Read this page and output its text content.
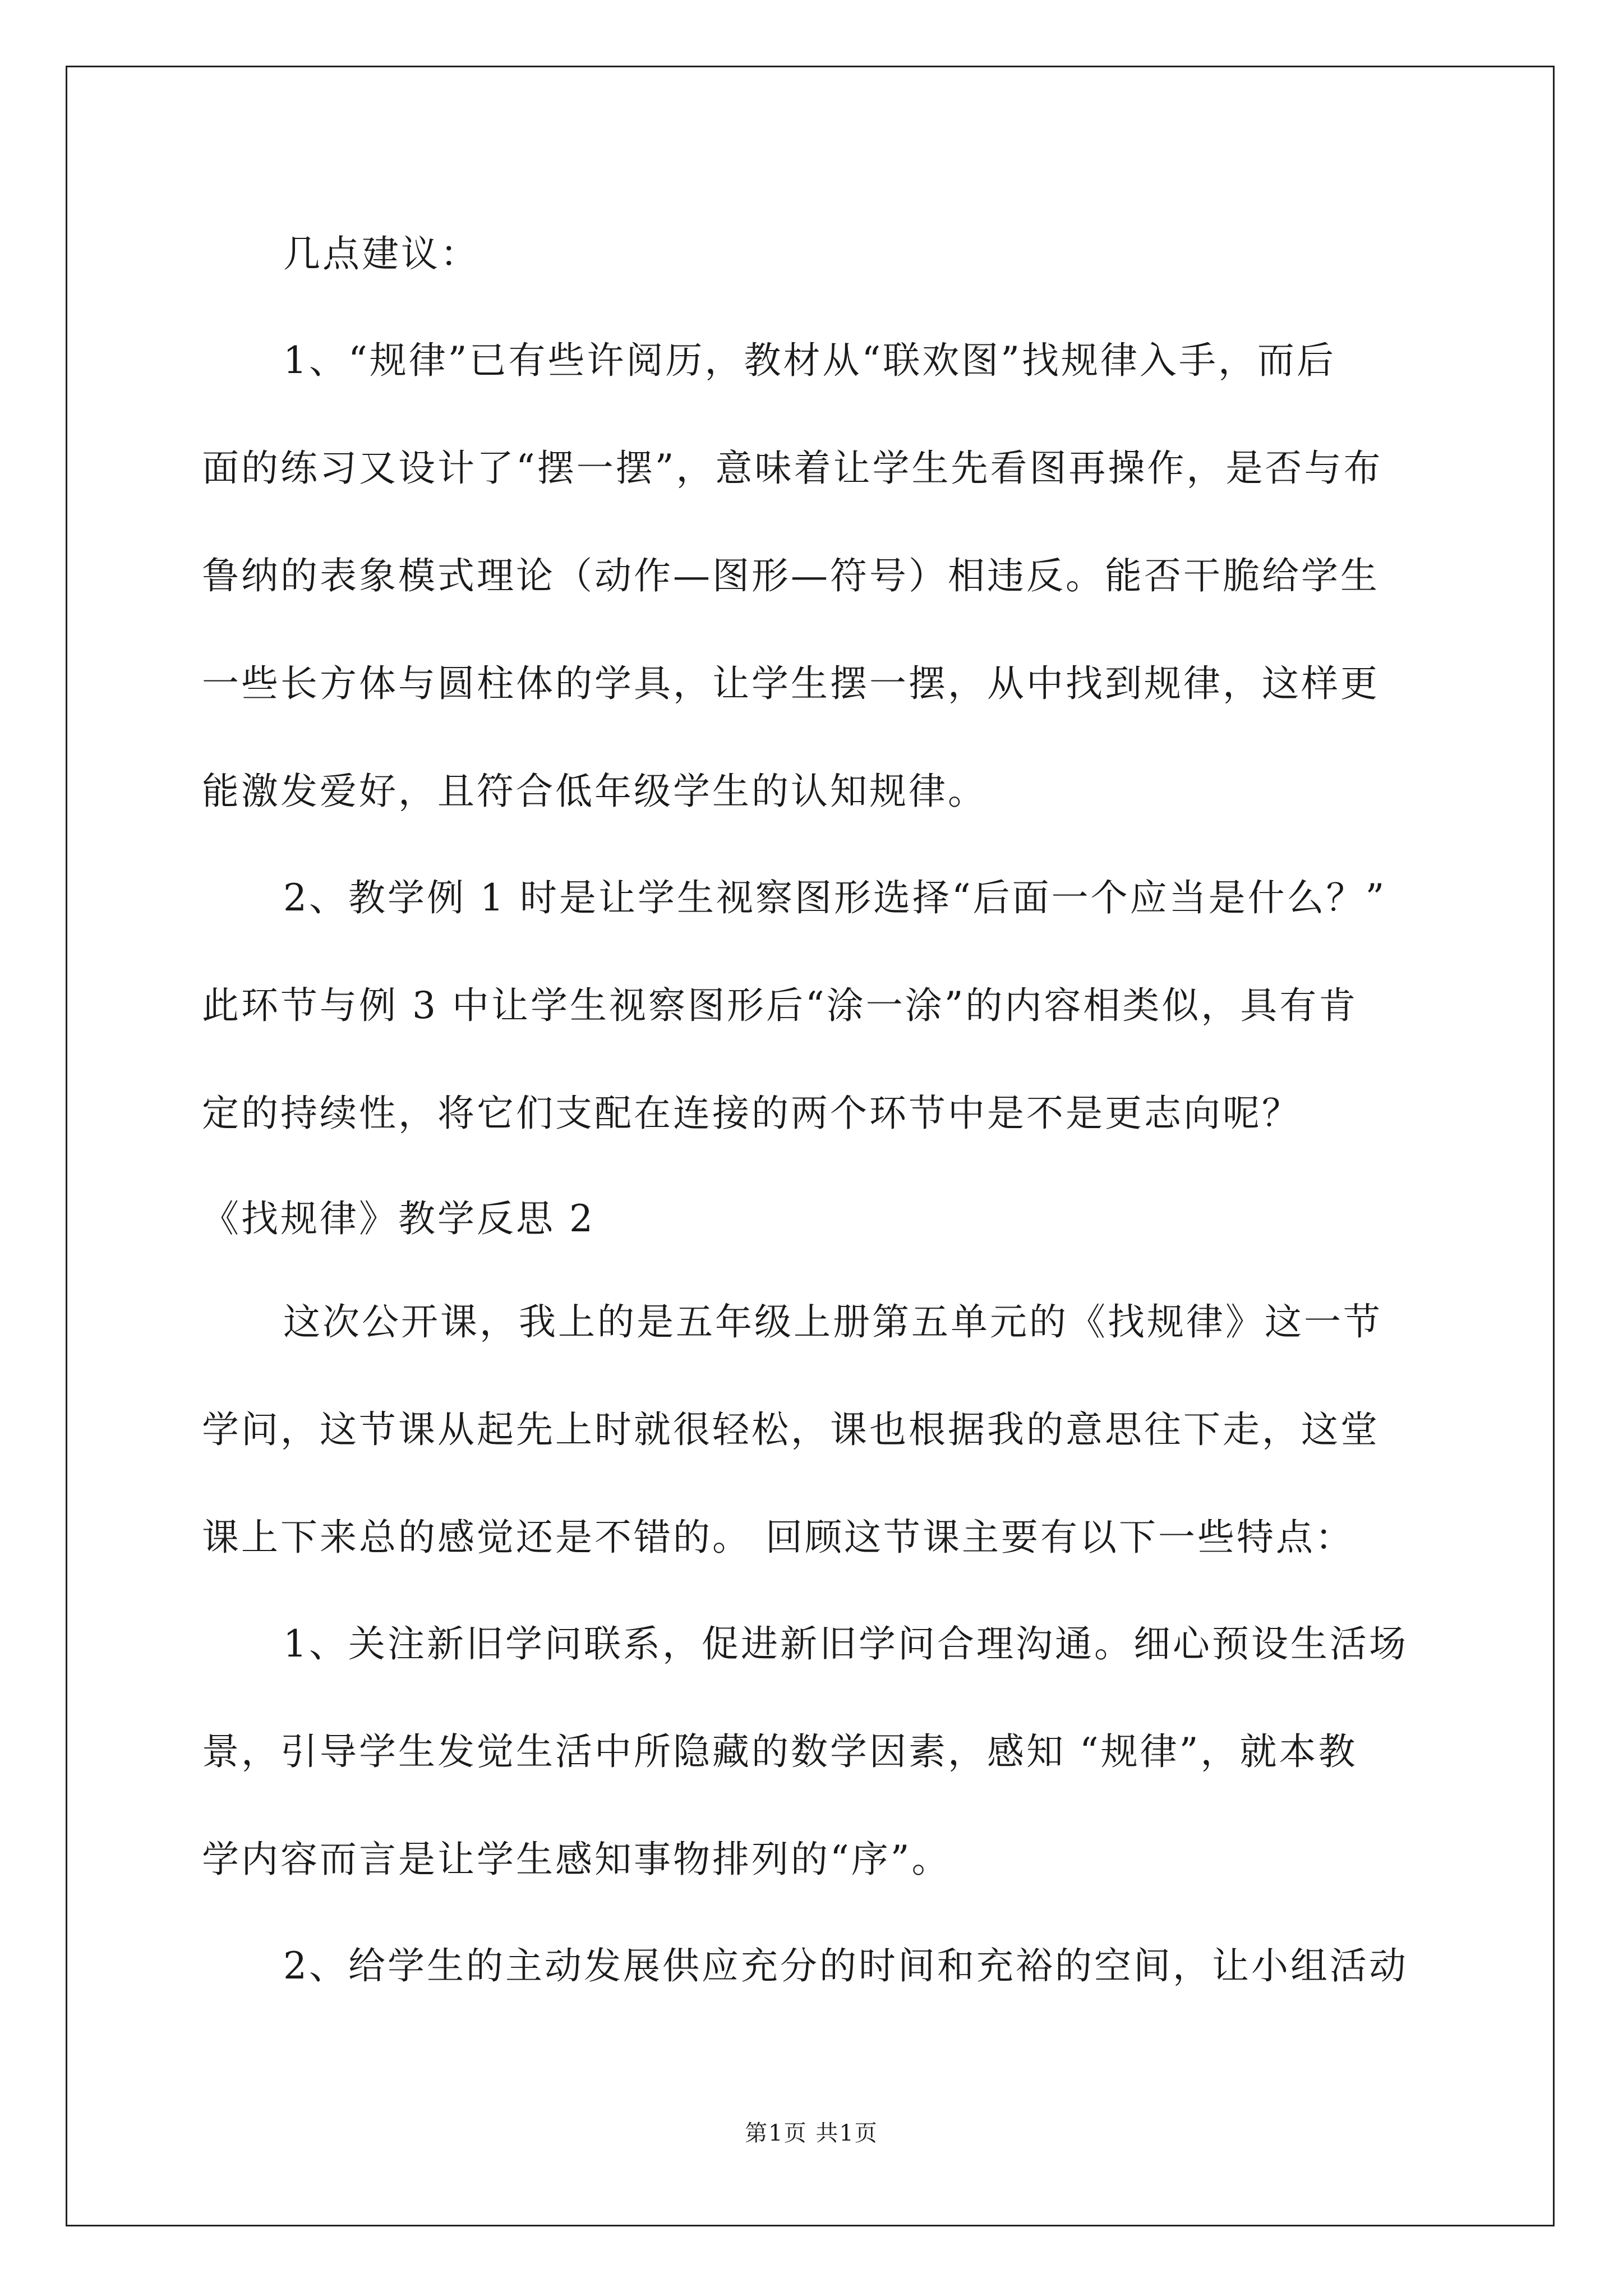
几点建议：
1、“规律”已有些许阅历，教材从“联欢图”找规律入手，而后
面的练习又设计了“摆一摆”，意味着让学生先看图再操作，是否与布
鲁纳的表象模式理论（动作—图形—符号）相违反。能否干脆给学生
一些长方体与圆柱体的学具，让学生摆一摆，从中找到规律，这样更
能激发爱好，且符合低年级学生的认知规律。
2、教学例 1 时是让学生视察图形选择“后面一个应当是什么？”
此环节与例 3 中让学生视察图形后“涂一涂”的内容相类似，具有肯
定的持续性，将它们支配在连接的两个环节中是不是更志向呢？
《找规律》教学反思 2
这次公开课，我上的是五年级上册第五单元的《找规律》这一节
学问，这节课从起先上时就很轻松，课也根据我的意思往下走，这堂
课上下来总的感觉还是不错的。 回顾这节课主要有以下一些特点：
1、关注新旧学问联系，促进新旧学问合理沟通。细心预设生活场
景，引导学生发觉生活中所隐藏的数学因素，感知 “规律”，就本教
学内容而言是让学生感知事物排列的“序”。
2、给学生的主动发展供应充分的时间和充裕的空间，让小组活动
第1页 共1页
